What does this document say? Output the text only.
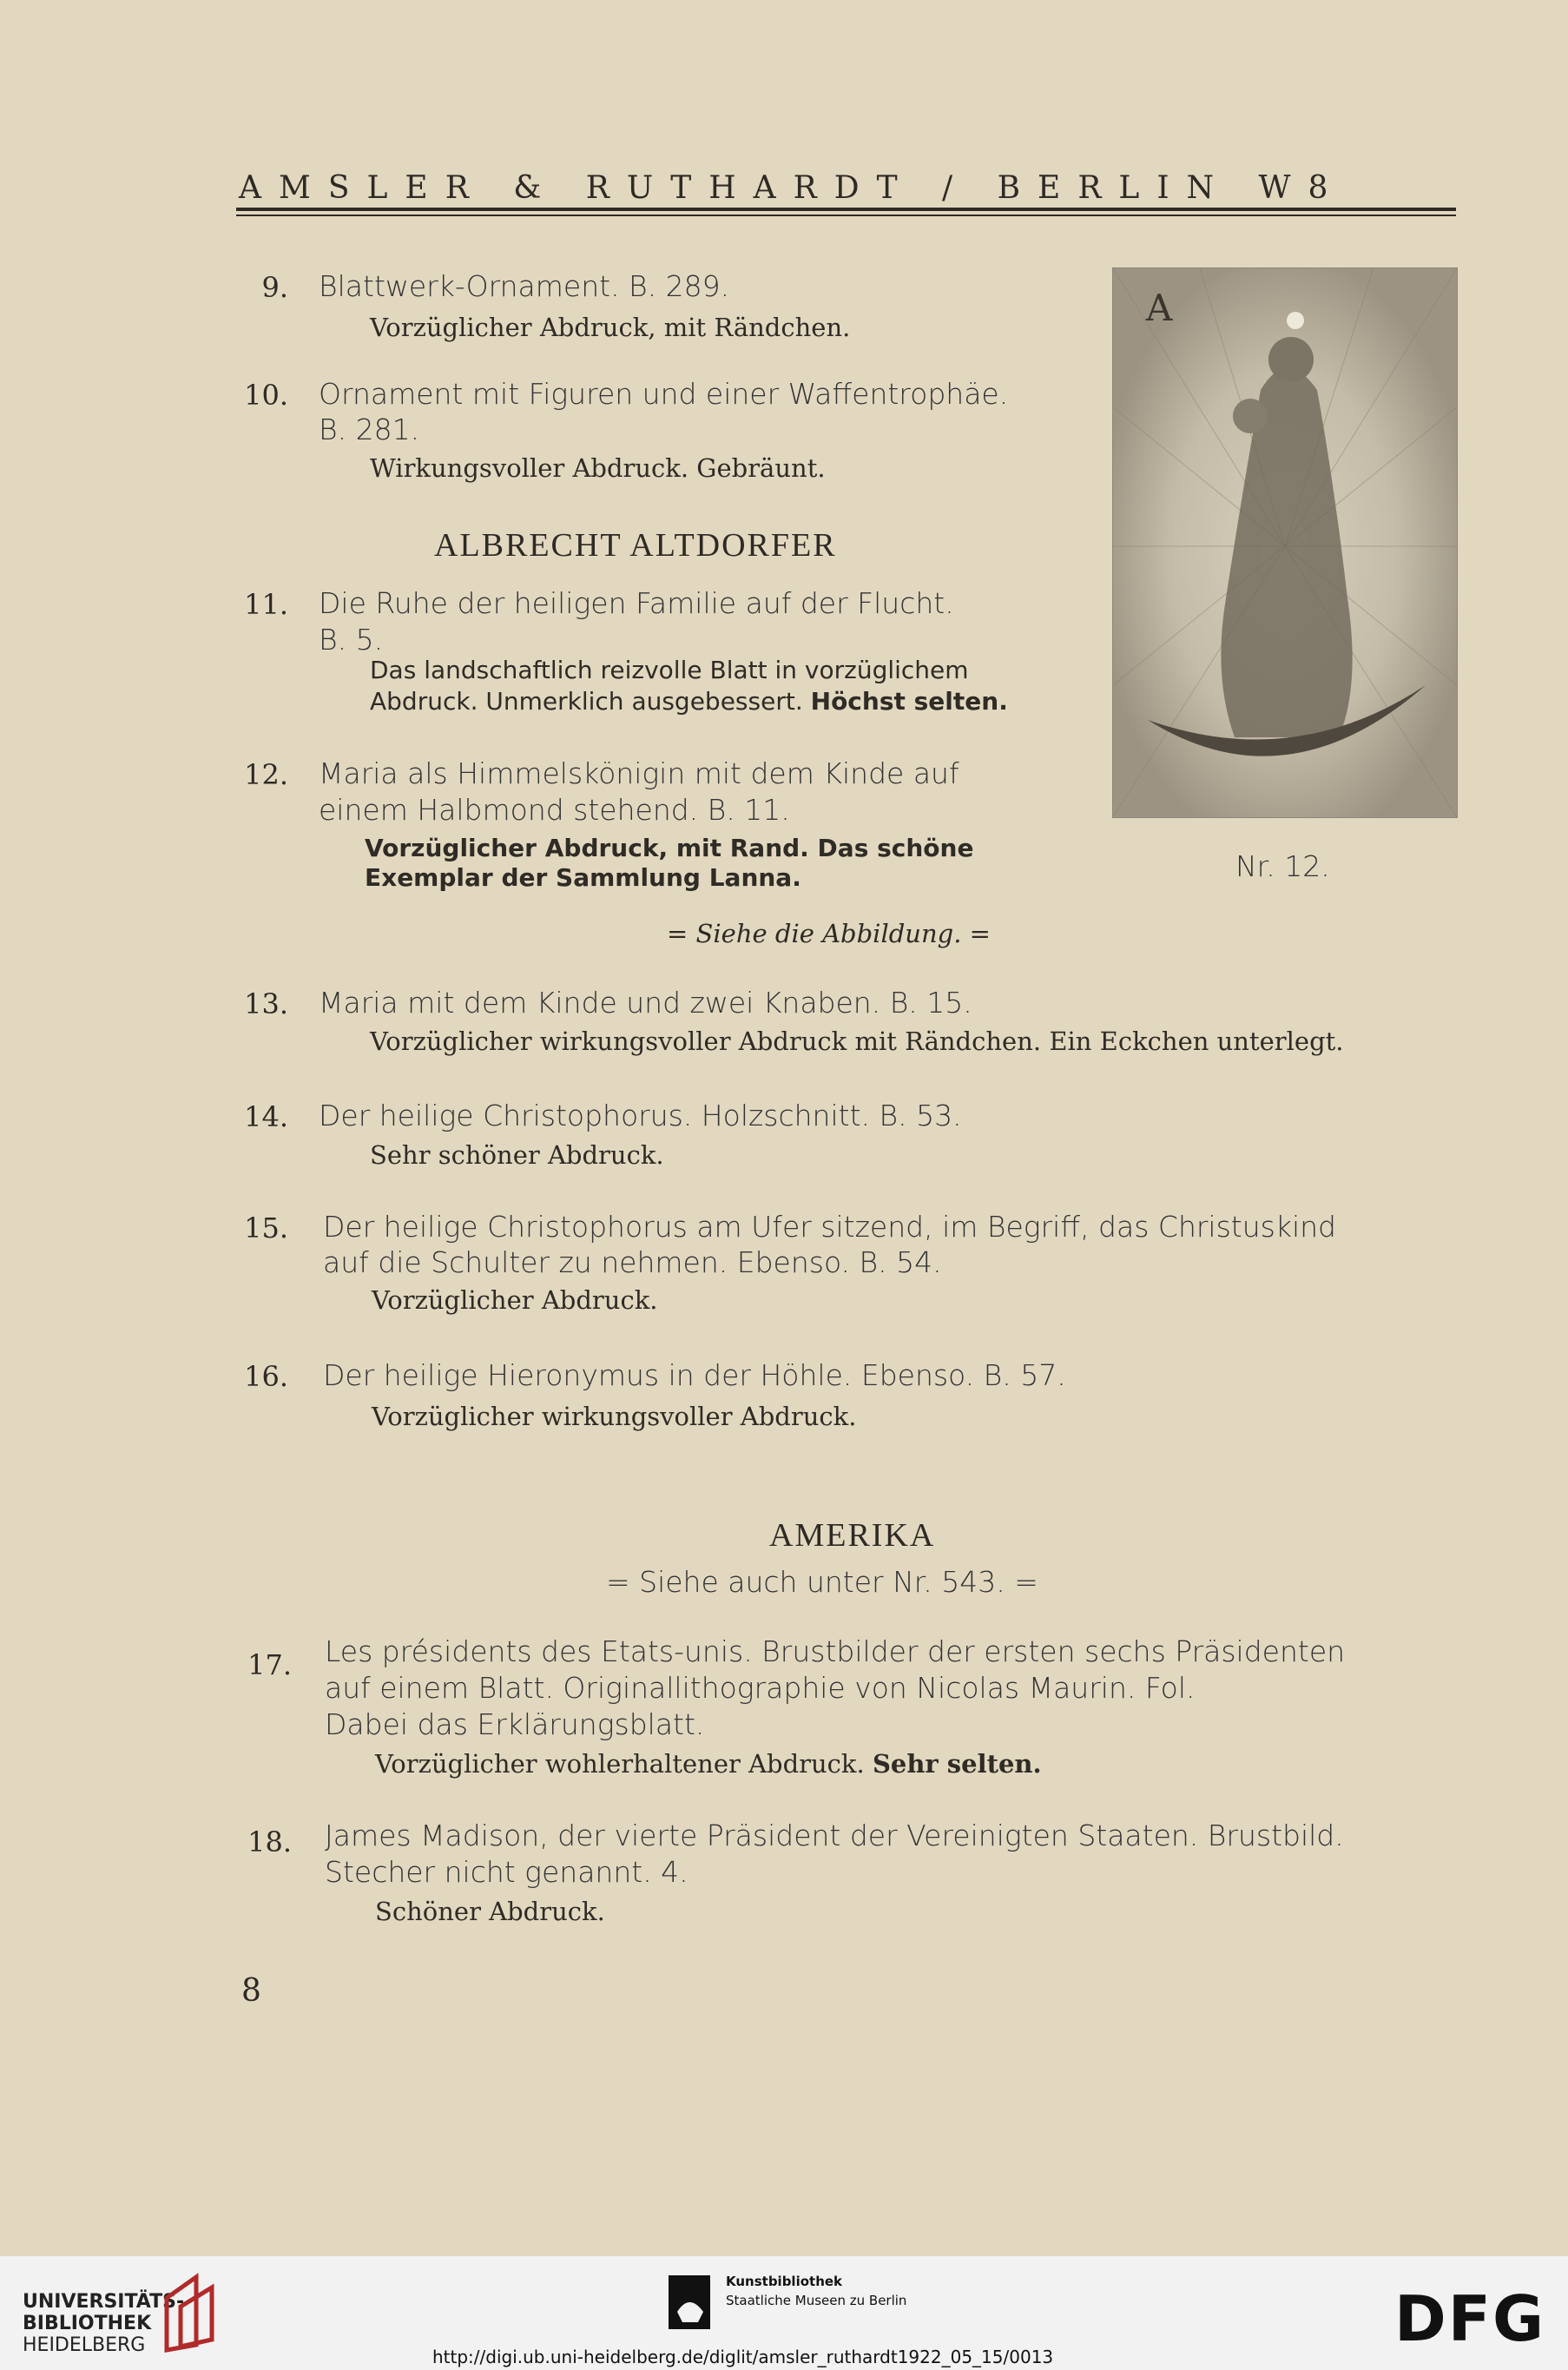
AMSLER & RUTHARDT / BERLIN W8
9. Blattwerk-Ornament. B. 289.
Vorzüglicher Abdruck, mit Rändchen.
10. Ornament mit Figuren und einer Waffentrophäe.
B. 281.
Wirkungsvoller Abdruck. Gebräunt.
ALBRECHT ALTDORFER
11. Die Ruhe der heiligen Familie auf der Flucht.
B. 5.
Das landschaftlich reizvolle Blatt in vorzüglichem
Abdruck. Unmerklich ausgebessert. Höchst selten.
12. Maria als Himmelskönigin mit dem Kinde auf
einem Halbmond stehend. B. 11.
Vorzüglicher Abdruck, mit Rand. Das schöne
Exemplar der Sammlung Lanna.
= Siehe die Abbildung. =
A
Nr. 12.
13. Maria mit dem Kinde und zwei Knaben. B. 15.
Vorzüglicher wirkungsvoller Abdruck mit Rändchen. Ein Eckchen unterlegt.
14. Der heilige Christophorus. Holzschnitt. B. 53.
Sehr schöner Abdruck.
15. Der heilige Christophorus am Ufer sitzend, im Begriff, das Christuskind
auf die Schulter zu nehmen. Ebenso. B. 54.
Vorzüglicher Abdruck.
16. Der heilige Hieronymus in der Höhle. Ebenso. B. 57.
Vorzüglicher wirkungsvoller Abdruck.
AMERIKA
= Siehe auch unter Nr. 543. =
17. Les présidents des Etats-unis. Brustbilder der ersten sechs Präsidenten
auf einem Blatt. Originallithographie von Nicolas Maurin. Fol.
Dabei das Erklärungsblatt.
Vorzüglicher wohlerhaltener Abdruck. Sehr selten.
18. James Madison, der vierte Präsident der Vereinigten Staaten. Brustbild.
Stecher nicht genannt. 4.
Schöner Abdruck.
8
UNIVERSITÄTS-
BIBLIOTHEK
HEIDELBERG
Kunstbibliothek
Staatliche Museen zu Berlin	DFG
http://digi.ub.uni-heidelberg.de/diglit/amsler_ruthardt1922_05_15/0013
